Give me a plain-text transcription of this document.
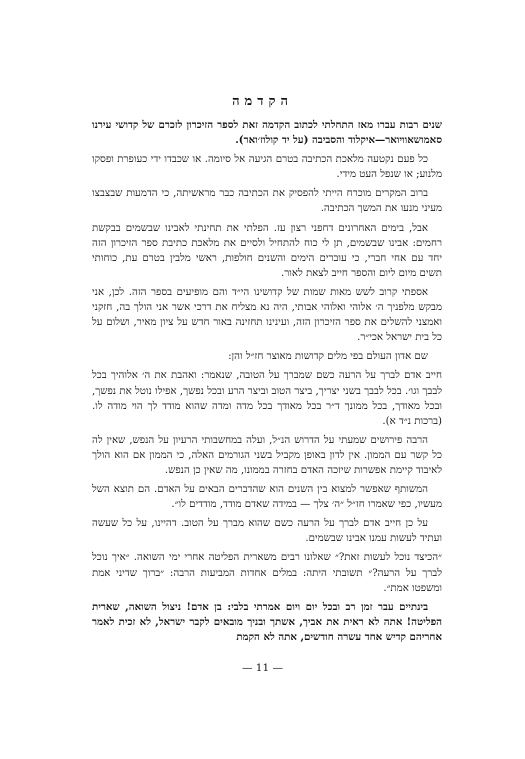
הקדמה

שנים רבות עברו מאז התחלתי לכתוב הקדמה זאת לספר הזיכרון לזכרם של קדושי עירנו סאמושאוויואר—איקלוד והסביבה (על יד קולוז׳ואר).

כל פעם נקטעה מלאכת הכתיבה בטרם הגיעה אל סיומה. או שכבדו ידי כעופרת ופסקו מלנוע; או שנפל העט מידי.

ברוב המקרים מוכרח הייתי להפסיק את הכתיבה כבר מראשיתה, כי הדמעות שבצבצו מעיני מנעו את המשך הכתיבה.

אבל, בימים האחרונים דחפני רצון עז. הפלתי את תחינתי לאבינו שבשמים בבקשת רחמים: אבינו שבשמים, תן לי כוח להתחיל ולסיים את מלאכת כתיבת ספר הזיכרון הזה יחד עם אחי חברי, כי עוברים הימים והשנים חולפות, ראשי מלבין בטרם עת, כוחותי תשים מיום ליום והספר חייב לצאת לאור.

אספתי קרוב לשש מאות שמות של קדושינו הי״ד והם מופיעים בספר הזה. לכן, אני מבקש מלפניך ה׳ אלוהי ואלוהי אבותי, היה נא מצליח את דרכי אשר אני הולך בה, חזקני ואמצני להשלים את ספר הזיכרון הזה, ועינינו תחזינה באור חדש על ציון מאיר, ושלום על כל בית ישראל אכי״ר.

שם אדון העולם בפי מלים קדושות מאוצר חז״ל והן:

חייב אדם לברך על הרעה כשם שמברך על הטובה, שנאמר: ואהבת את ה׳ אלוהיך בכל לבבך וגו׳. בכל לבבך בשני יצריך, ביצר הטוב וביצר הרע ובכל נפשך, אפילו נוטל את נפשך, ובכל מאודך, בכל ממונך ד״ר בכל מאודך בכל מדה ומדה שהוא מודד לך הוי מודה לו. (ברכות נ״ד א).

הרבה פירושים שמעתי על הדרוש הנ״ל, ועלה במחשבותי הרעיון על הנפש, שאין לה כל קשר עם הממון. אין לדון באופן מקביל בשני הגורמים האלה, כי הממון אם הוא הולך לאיבוד קיימת אפשרות שיזכה האדם בחזרה בממונו, מה שאין כן הנפש.

המשותף שאפשר למצוא בין השנים הוא שהדברים הבאים על האדם. הם תוצא השל מעשיו, כפי שאמרו חז״ל ״ה׳ צלך — במידה שאדם מודד, מודדים לו״.

על כן חייב אדם לברך על הרעה כשם שהוא מברך על הטוב. דהיינו, על כל שעשה ועתיד לעשות עמנו אבינו שבשמים.

״הכיצד נוכל לעשות זאת?״ שאלונו רבים משארית הפליטה אחרי ימי השואה. ״איך נוכל לברך על הרעה?״ תשובתי היתה: במלים אחדות המביעות הרבה: ״ברוך שדיני אמת ומשפטו אמת״.

בינתיים עבר זמן רב ובכל יום ויום אמרתי בלבי: בן אדם! ניצול השואה, שארית הפליטה! אתה לא ראית את אביך, אשתך ובניך מובאים לקבר ישראל, לא זכית לאמר אחריהם קדיש אחד עשרה חודשים, אתה לא הקמת

— 11 —
